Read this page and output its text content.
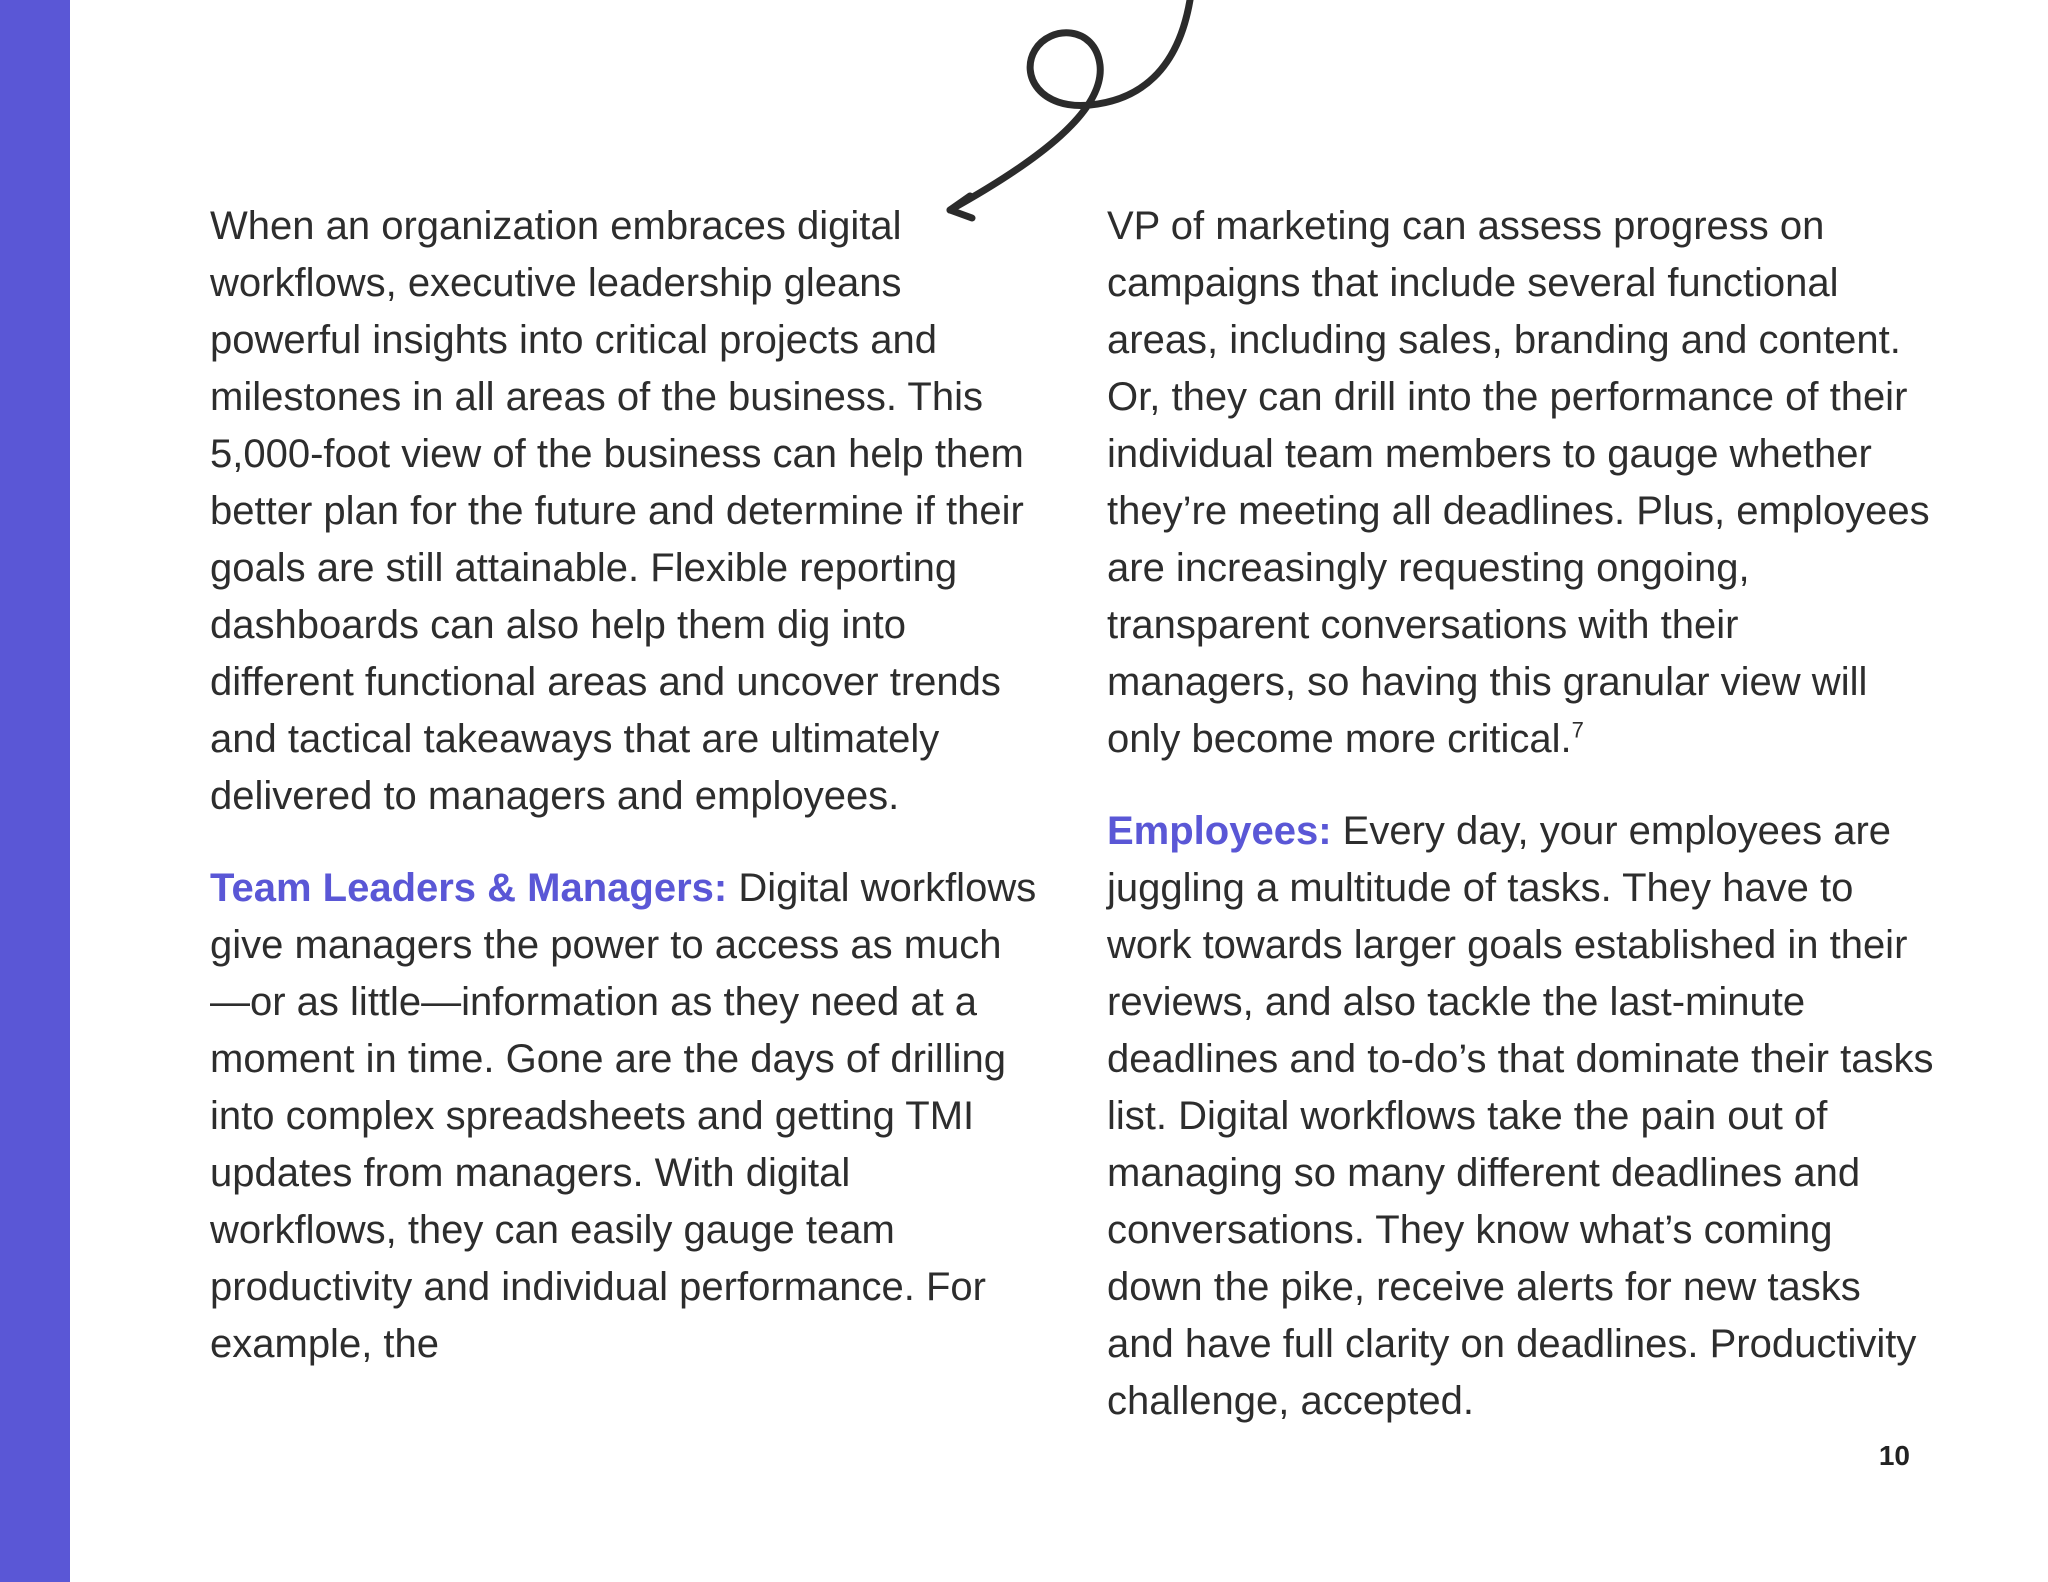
When an organization embraces digital workflows, executive leadership gleans powerful insights into critical projects and milestones in all areas of the business. This 5,000-foot view of the business can help them better plan for the future and determine if their goals are still attainable. Flexible reporting dashboards can also help them dig into different functional areas and uncover trends and tactical takeaways that are ultimately delivered to managers and employees.

Team Leaders & Managers: Digital workflows give managers the power to access as much—or as little—information as they need at a moment in time. Gone are the days of drilling into complex spreadsheets and getting TMI updates from managers. With digital workflows, they can easily gauge team productivity and individual performance. For example, the

VP of marketing can assess progress on campaigns that include several functional areas, including sales, branding and content. Or, they can drill into the performance of their individual team members to gauge whether they’re meeting all deadlines. Plus, employees are increasingly requesting ongoing, transparent conversations with their managers, so having this granular view will only become more critical.$^7$

Employees: Every day, your employees are juggling a multitude of tasks. They have to work towards larger goals established in their reviews, and also tackle the last-minute deadlines and to-do’s that dominate their tasks list. Digital workflows take the pain out of managing so many different deadlines and conversations. They know what’s coming down the pike, receive alerts for new tasks and have full clarity on deadlines. Productivity challenge, accepted.

10
